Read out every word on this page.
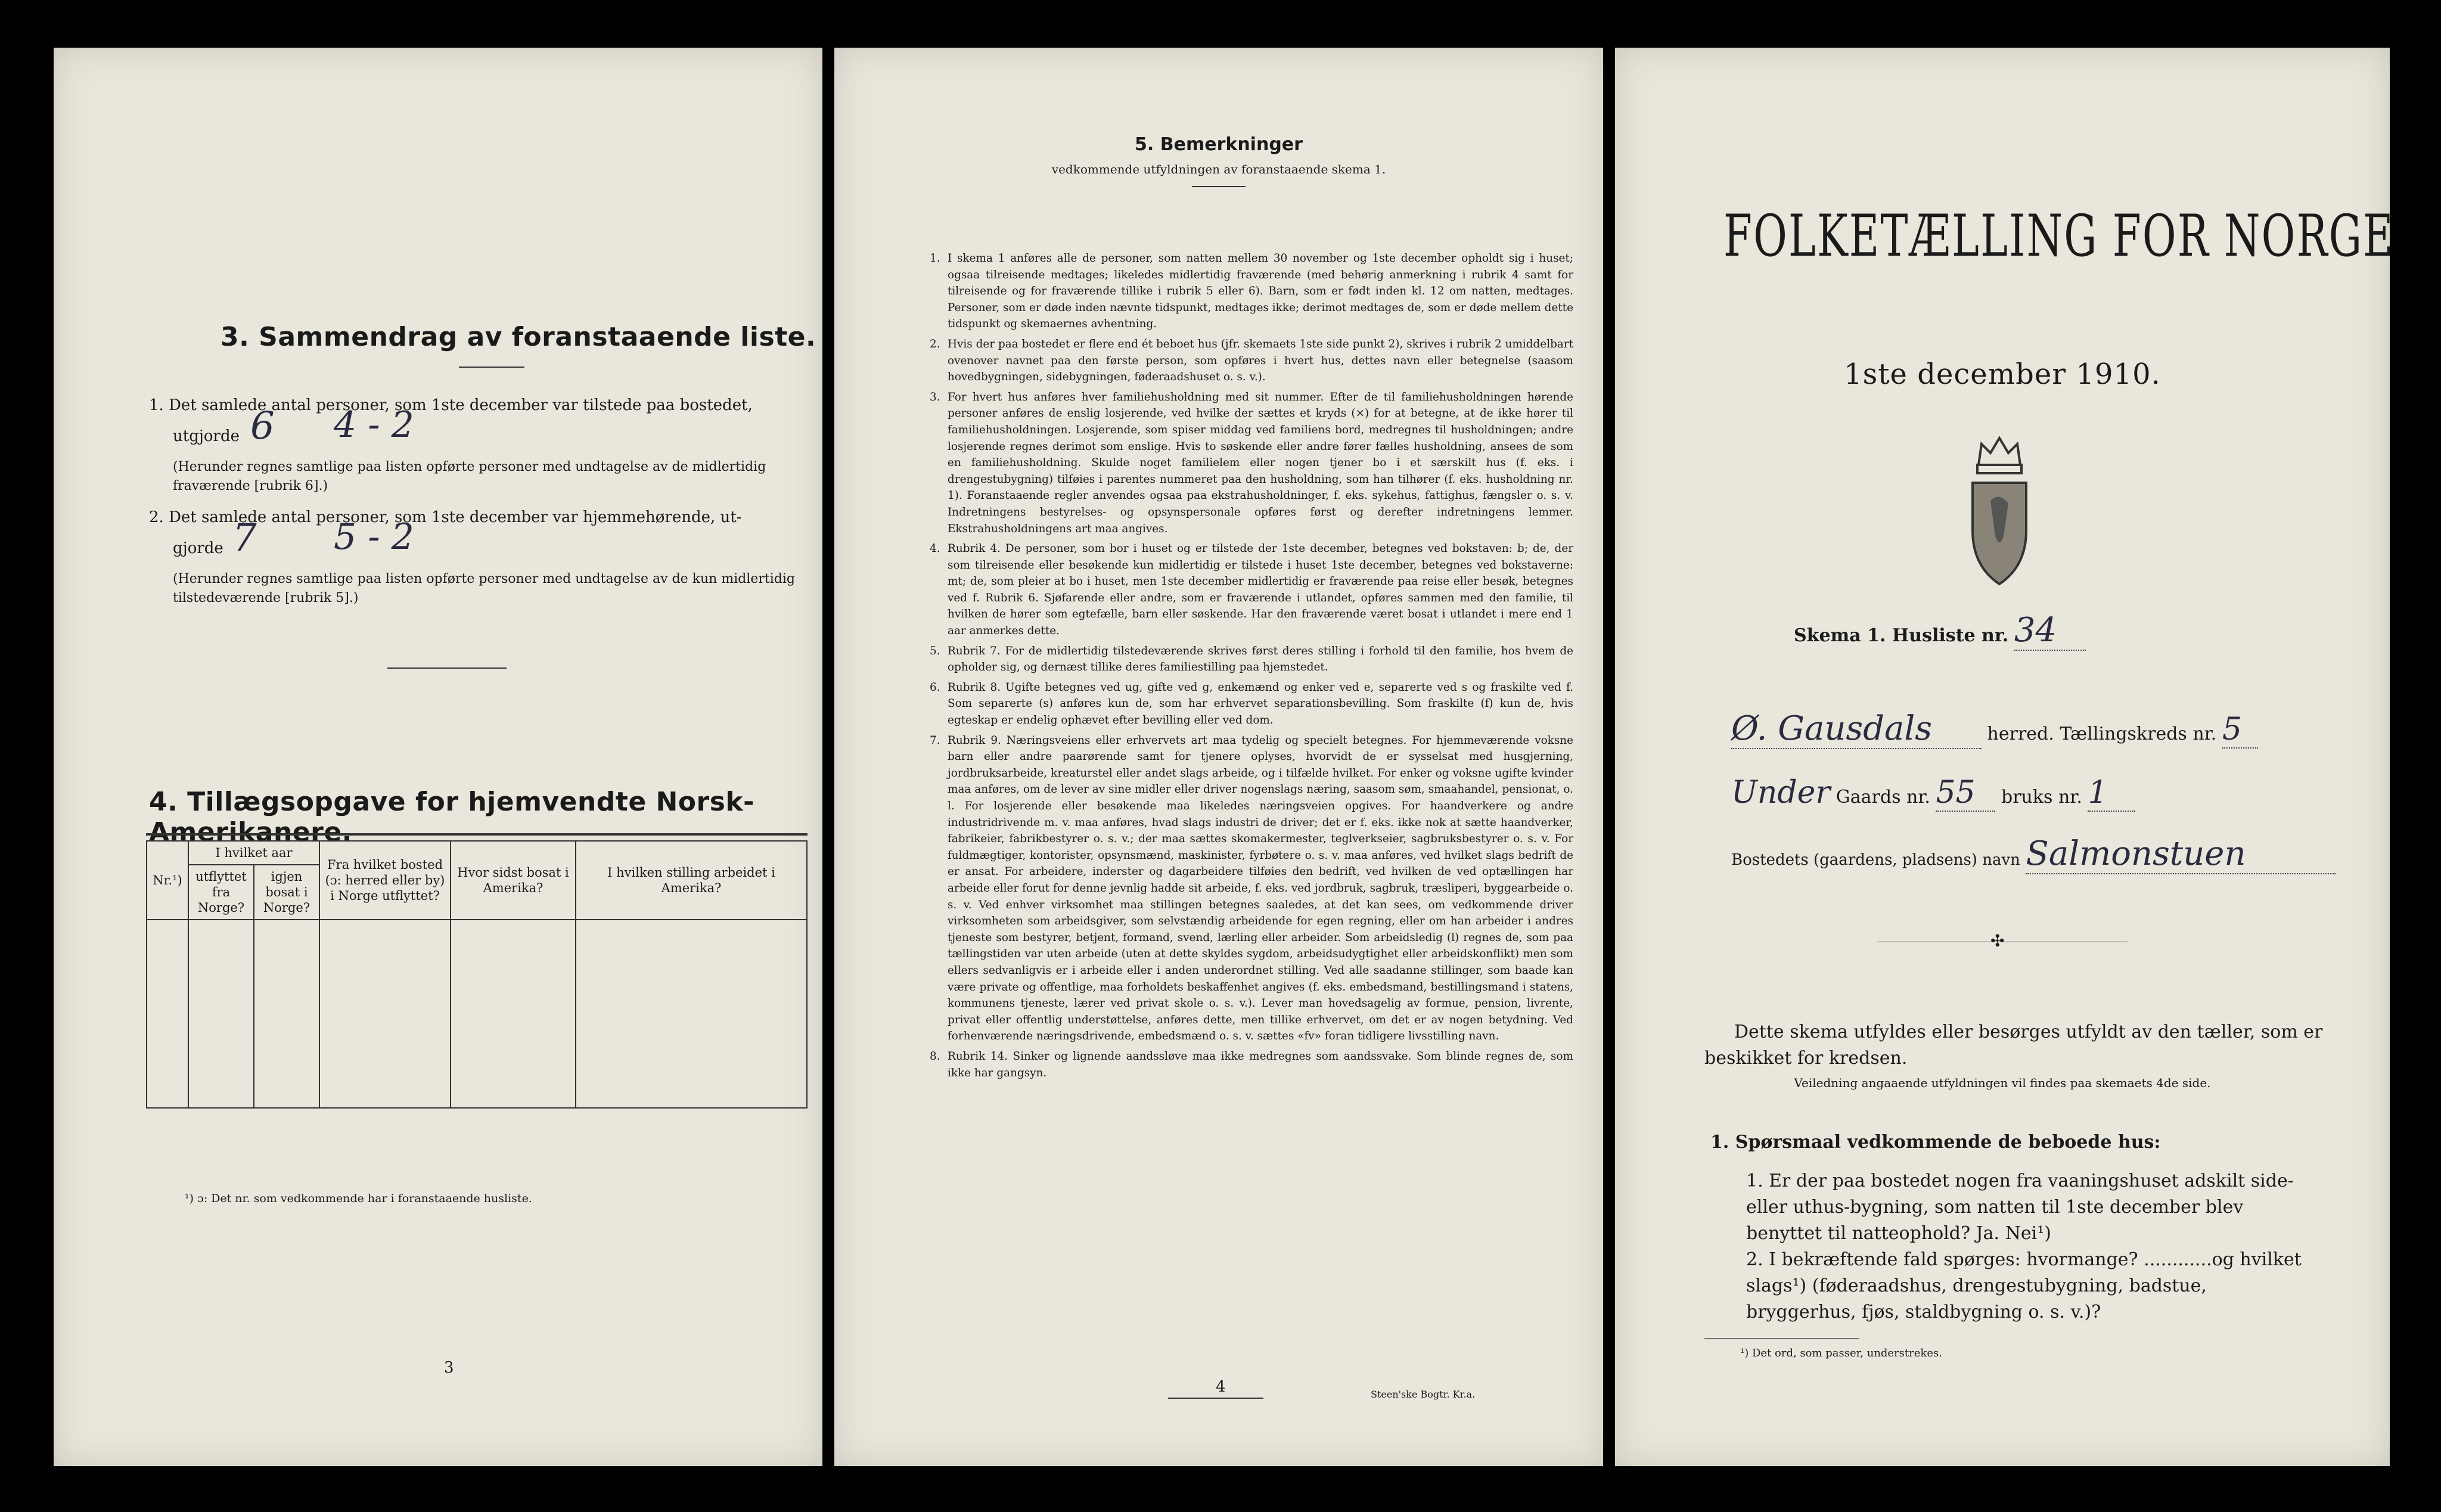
3. Sammendrag av foranstaaende liste.
1. Det samlede antal personer, som 1ste december var tilstede paa bostedet,
utgjorde 6 4 - 2
(Herunder regnes samtlige paa listen opførte personer med undtagelse av de midlertidig fraværende [rubrik 6].)
2. Det samlede antal personer, som 1ste december var hjemmehørende, ut-
gjorde 7 5 - 2
(Herunder regnes samtlige paa listen opførte personer med undtagelse av de kun midlertidig tilstedeværende [rubrik 5].)
4. Tillægsopgave for hjemvendte Norsk-Amerikanere.
Nr.¹)	I hvilket aar		Fra hvilket bosted (ɔ: herred eller by) i Norge utflyttet?	Hvor sidst bosat i Amerika?	I hvilken stilling arbeidet i Amerika?
	utflyttet fra Norge?	igjen bosat i Norge?			

¹) ɔ: Det nr. som vedkommende har i foranstaaende husliste.
3
5. Bemerkninger
vedkommende utfyldningen av foranstaaende skema 1.
1. I skema 1 anføres alle de personer, som natten mellem 30 november og 1ste december opholdt sig i huset; ogsaa tilreisende medtages; likeledes midlertidig fraværende (med behørig anmerkning i rubrik 4 samt for tilreisende og for fraværende tillike i rubrik 5 eller 6). Barn, som er født inden kl. 12 om natten, medtages. Personer, som er døde inden nævnte tidspunkt, medtages ikke; derimot medtages de, som er døde mellem dette tidspunkt og skemaernes avhentning.
2. Hvis der paa bostedet er flere end ét beboet hus (jfr. skemaets 1ste side punkt 2), skrives i rubrik 2 umiddelbart ovenover navnet paa den første person, som opføres i hvert hus, dettes navn eller betegnelse (saasom hovedbygningen, sidebygningen, føderaadshuset o. s. v.).
3. For hvert hus anføres hver familiehusholdning med sit nummer. Efter de til familiehusholdningen hørende personer anføres de enslig losjerende, ved hvilke der sættes et kryds (×) for at betegne, at de ikke hører til familiehusholdningen. Losjerende, som spiser middag ved familiens bord, medregnes til husholdningen; andre losjerende regnes derimot som enslige. Hvis to søskende eller andre fører fælles husholdning, ansees de som en familiehusholdning. Skulde noget familielem eller nogen tjener bo i et særskilt hus (f. eks. i drengestubygning) tilføies i parentes nummeret paa den husholdning, som han tilhører (f. eks. husholdning nr. 1). Foranstaaende regler anvendes ogsaa paa ekstrahusholdninger, f. eks. sykehus, fattighus, fængsler o. s. v. Indretningens bestyrelses- og opsynspersonale opføres først og derefter indretningens lemmer. Ekstrahusholdningens art maa angives.
4. Rubrik 4. De personer, som bor i huset og er tilstede der 1ste december, betegnes ved bokstaven: b; de, der som tilreisende eller besøkende kun midlertidig er tilstede i huset 1ste december, betegnes ved bokstaverne: mt; de, som pleier at bo i huset, men 1ste december midlertidig er fraværende paa reise eller besøk, betegnes ved f. Rubrik 6. Sjøfarende eller andre, som er fraværende i utlandet, opføres sammen med den familie, til hvilken de hører som egtefælle, barn eller søskende. Har den fraværende været bosat i utlandet i mere end 1 aar anmerkes dette.
5. Rubrik 7. For de midlertidig tilstedeværende skrives først deres stilling i forhold til den familie, hos hvem de opholder sig, og dernæst tillike deres familiestilling paa hjemstedet.
6. Rubrik 8. Ugifte betegnes ved ug, gifte ved g, enkemænd og enker ved e, separerte ved s og fraskilte ved f. Som separerte (s) anføres kun de, som har erhvervet separationsbevilling. Som fraskilte (f) kun de, hvis egteskap er endelig ophævet efter bevilling eller ved dom.
7. Rubrik 9. Næringsveiens eller erhvervets art maa tydelig og specielt betegnes. For hjemmeværende voksne barn eller andre paarørende samt for tjenere oplyses, hvorvidt de er sysselsat med husgjerning, jordbruksarbeide, kreaturstel eller andet slags arbeide, og i tilfælde hvilket. For enker og voksne ugifte kvinder maa anføres, om de lever av sine midler eller driver nogenslags næring, saasom søm, smaahandel, pensionat, o. l. For losjerende eller besøkende maa likeledes næringsveien opgives. For haandverkere og andre industridrivende m. v. maa anføres, hvad slags industri de driver; det er f. eks. ikke nok at sætte haandverker, fabrikeier, fabrikbestyrer o. s. v.; der maa sættes skomakermester, teglverkseier, sagbruksbestyrer o. s. v. For fuldmægtiger, kontorister, opsynsmænd, maskinister, fyrbøtere o. s. v. maa anføres, ved hvilket slags bedrift de er ansat. For arbeidere, inderster og dagarbeidere tilføies den bedrift, ved hvilken de ved optællingen har arbeide eller forut for denne jevnlig hadde sit arbeide, f. eks. ved jordbruk, sagbruk, træsliperi, byggearbeide o. s. v. Ved enhver virksomhet maa stillingen betegnes saaledes, at det kan sees, om vedkommende driver virksomheten som arbeidsgiver, som selvstændig arbeidende for egen regning, eller om han arbeider i andres tjeneste som bestyrer, betjent, formand, svend, lærling eller arbeider. Som arbeidsledig (l) regnes de, som paa tællingstiden var uten arbeide (uten at dette skyldes sygdom, arbeidsudygtighet eller arbeidskonflikt) men som ellers sedvanligvis er i arbeide eller i anden underordnet stilling. Ved alle saadanne stillinger, som baade kan være private og offentlige, maa forholdets beskaffenhet angives (f. eks. embedsmand, bestillingsmand i statens, kommunens tjeneste, lærer ved privat skole o. s. v.). Lever man hovedsagelig av formue, pension, livrente, privat eller offentlig understøttelse, anføres dette, men tillike erhvervet, om det er av nogen betydning. Ved forhenværende næringsdrivende, embedsmænd o. s. v. sættes «fv» foran tidligere livsstilling navn.
8. Rubrik 14. Sinker og lignende aandssløve maa ikke medregnes som aandssvake. Som blinde regnes de, som ikke har gangsyn.
4	Steen'ske Bogtr. Kr.a.
FOLKETÆLLING FOR NORGE
1ste december 1910.
Skema 1. Husliste nr. 34
Ø. Gausdals	herred. Tællingskreds nr. 5
Under Gaards nr. 55 bruks nr. 1
Bostedets (gaardens, pladsens) navn Salmonstuen
✣
Dette skema utfyldes eller besørges utfyldt av den tæller, som er beskikket for kredsen.
Veiledning angaaende utfyldningen vil findes paa skemaets 4de side.
1. Spørsmaal vedkommende de beboede hus:
1. Er der paa bostedet nogen fra vaaningshuset adskilt side- eller uthus-bygning, som natten til 1ste december blev benyttet til natteophold? Ja. Nei¹)
2. I bekræftende fald spørges: hvormange? ............og hvilket slags¹) (føderaadshus, drengestubygning, badstue, bryggerhus, fjøs, staldbygning o. s. v.)?
¹) Det ord, som passer, understrekes.
